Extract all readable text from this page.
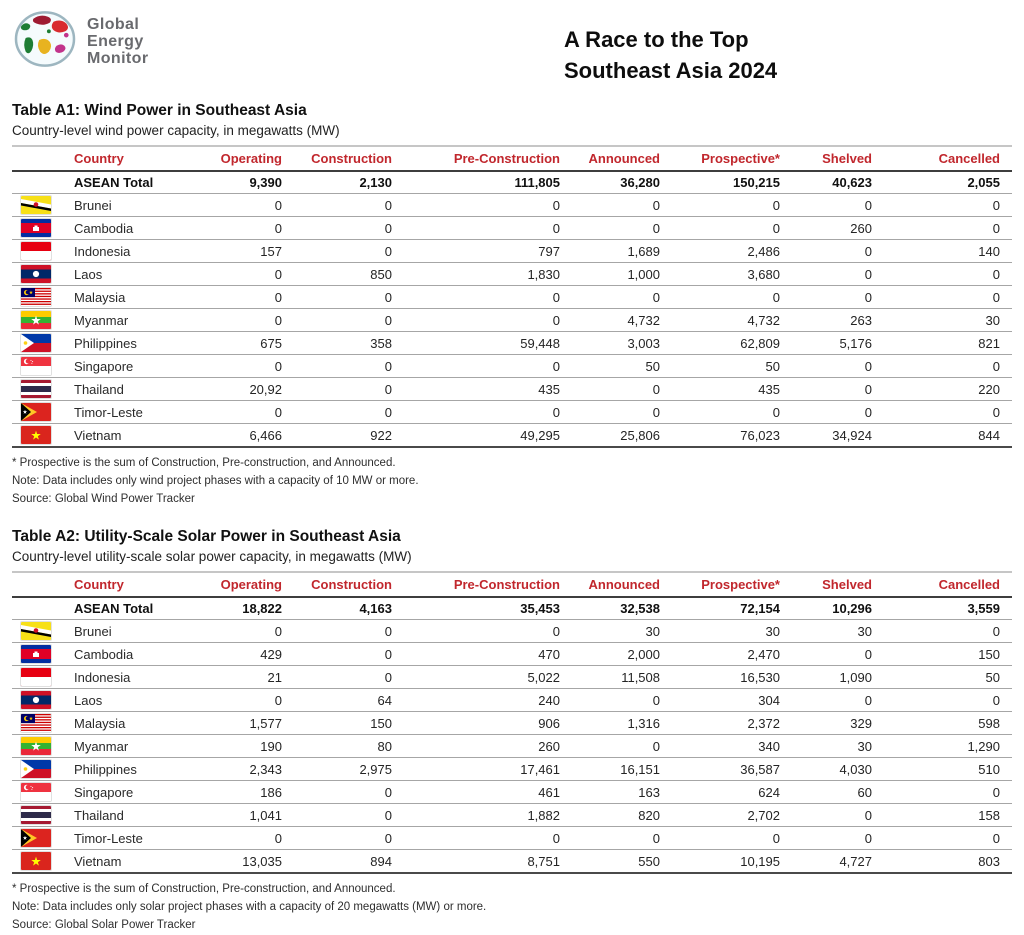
Global
Energy
Monitor
A Race to the Top
Southeast Asia 2024
Table A1: Wind Power in Southeast Asia
Country-level wind power capacity, in megawatts (MW)
	Country	Operating	Construction	Pre-Construction	Announced	Prospective*	Shelved	Cancelled
	ASEAN Total	9,390	2,130	111,805	36,280	150,215	40,623	2,055

	Brunei	0	0	0	0	0	0	0

	Cambodia	0	0	0	0	0	260	0

	Indonesia	157	0	797	1,689	2,486	0	140

	Laos	0	850	1,830	1,000	3,680	0	0

	Malaysia	0	0	0	0	0	0	0

	Myanmar	0	0	0	4,732	4,732	263	30

	Philippines	675	358	59,448	3,003	62,809	5,176	821

	Singapore	0	0	0	50	50	0	0

	Thailand	20,92	0	435	0	435	0	220

	Timor-Leste	0	0	0	0	0	0	0

	Vietnam	6,466	922	49,295	25,806	76,023	34,924	844
* Prospective is the sum of Construction, Pre-construction, and Announced.
Note: Data includes only wind project phases with a capacity of 10 MW or more.
Source: Global Wind Power Tracker
Table A2: Utility-Scale Solar Power in Southeast Asia
Country-level utility-scale solar power capacity, in megawatts (MW)
	Country	Operating	Construction	Pre-Construction	Announced	Prospective*	Shelved	Cancelled
	ASEAN Total	18,822	4,163	35,453	32,538	72,154	10,296	3,559

	Brunei	0	0	0	30	30	30	0

	Cambodia	429	0	470	2,000	2,470	0	150

	Indonesia	21	0	5,022	11,508	16,530	1,090	50

	Laos	0	64	240	0	304	0	0

	Malaysia	1,577	150	906	1,316	2,372	329	598

	Myanmar	190	80	260	0	340	30	1,290

	Philippines	2,343	2,975	17,461	16,151	36,587	4,030	510

	Singapore	186	0	461	163	624	60	0

	Thailand	1,041	0	1,882	820	2,702	0	158

	Timor-Leste	0	0	0	0	0	0	0

	Vietnam	13,035	894	8,751	550	10,195	4,727	803
* Prospective is the sum of Construction, Pre-construction, and Announced.
Note: Data includes only solar project phases with a capacity of 20 megawatts (MW) or more.
Source: Global Solar Power Tracker
